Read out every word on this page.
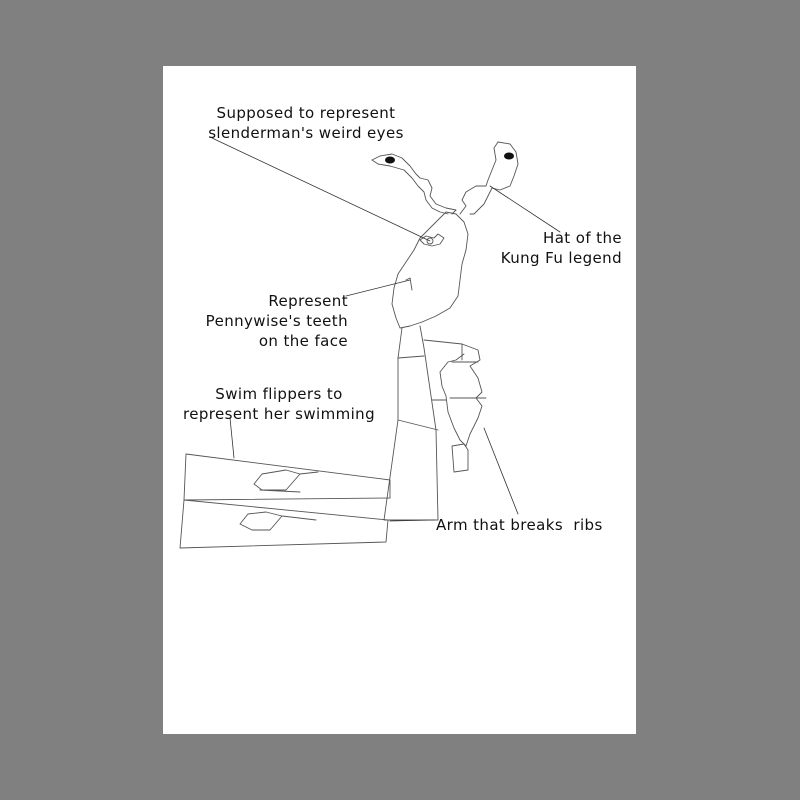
Supposed to represent
slenderman's weird eyes
Hat of the
Kung Fu legend
Represent
Pennywise's teeth
on the face
Swim flippers to
represent her swimming
Arm that breaks  ribs
